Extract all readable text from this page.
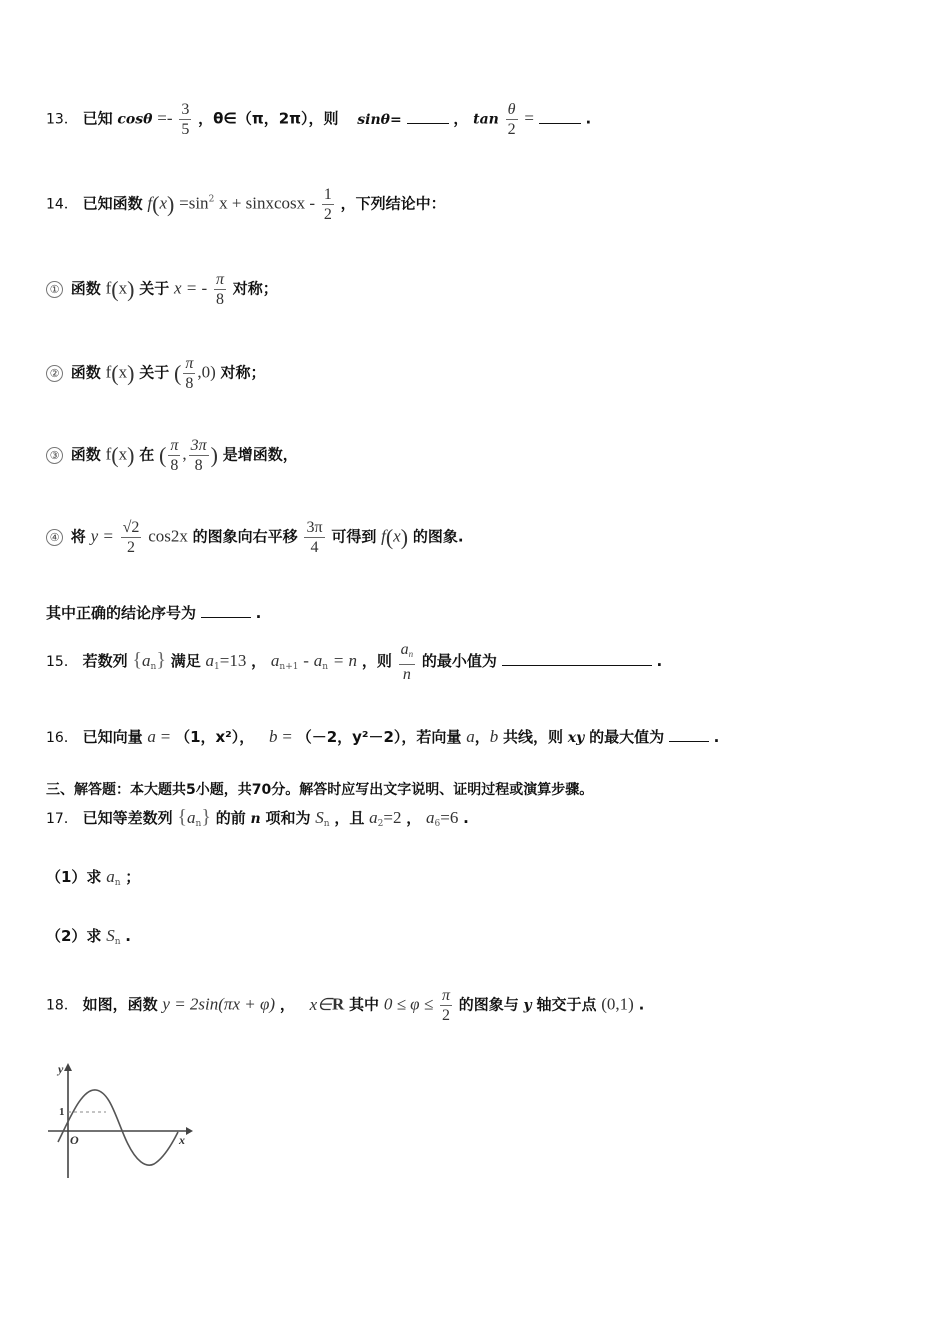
13． 已知 $\cos\theta =- \frac{3}{5}$ ，θ∈（π，2π），则 sinθ=	， $\tan \frac{\theta}{2}$ =	.
14． 已知函数 $f(x) =\sin^2$ x + sinxcosx - $\frac{1}{2}$ ，下列结论中：
① 函数 f(x) 关于 x = - $\frac{\pi}{8}$ 对称；
② 函数 f(x) 关于 ( $\frac{\pi}{8} ,0$) 对称；
③ 函数 f(x) 在 ( $\frac{\pi}{8}$ , $\frac{3\pi}{8}$ ) 是增函数，
④ 将 $y = \frac{√2}{2} \cos 2x$ 的图象向右平移 $\frac{3\pi}{4}$ 可得到 f(x) 的图象.
其中正确的结论序号为	.
15． 若数列 $\{a_n\}$ 满足 $a_1=13$ ， $a_{n+1} - a_n = n$ ，则 $\frac{a_n}{n}$ 的最小值为	.
16． 已知向量 a = （1，x²）， b = （－2，y²－2），若向量 a，b 共线，则 xy 的最大值为	.
三、解答题：本大题共5小题，共70分。解答时应写出文字说明、证明过程或演算步骤。
17． 已知等差数列 $\{a_n\}$ 的前 n 项和为 $S_n$ ，且 $a_2=2$ ， $a_6=6$ .
（1）求 $a_n$ ；
（2）求 $S_n$ .
18． 如图，函数 y = 2sin(πx + φ) ， x∈R 其中 $0 \le \varphi \le \frac{\pi}{2}$ 的图象与 y 轴交于点 (0,1) .
y
x
O
1
